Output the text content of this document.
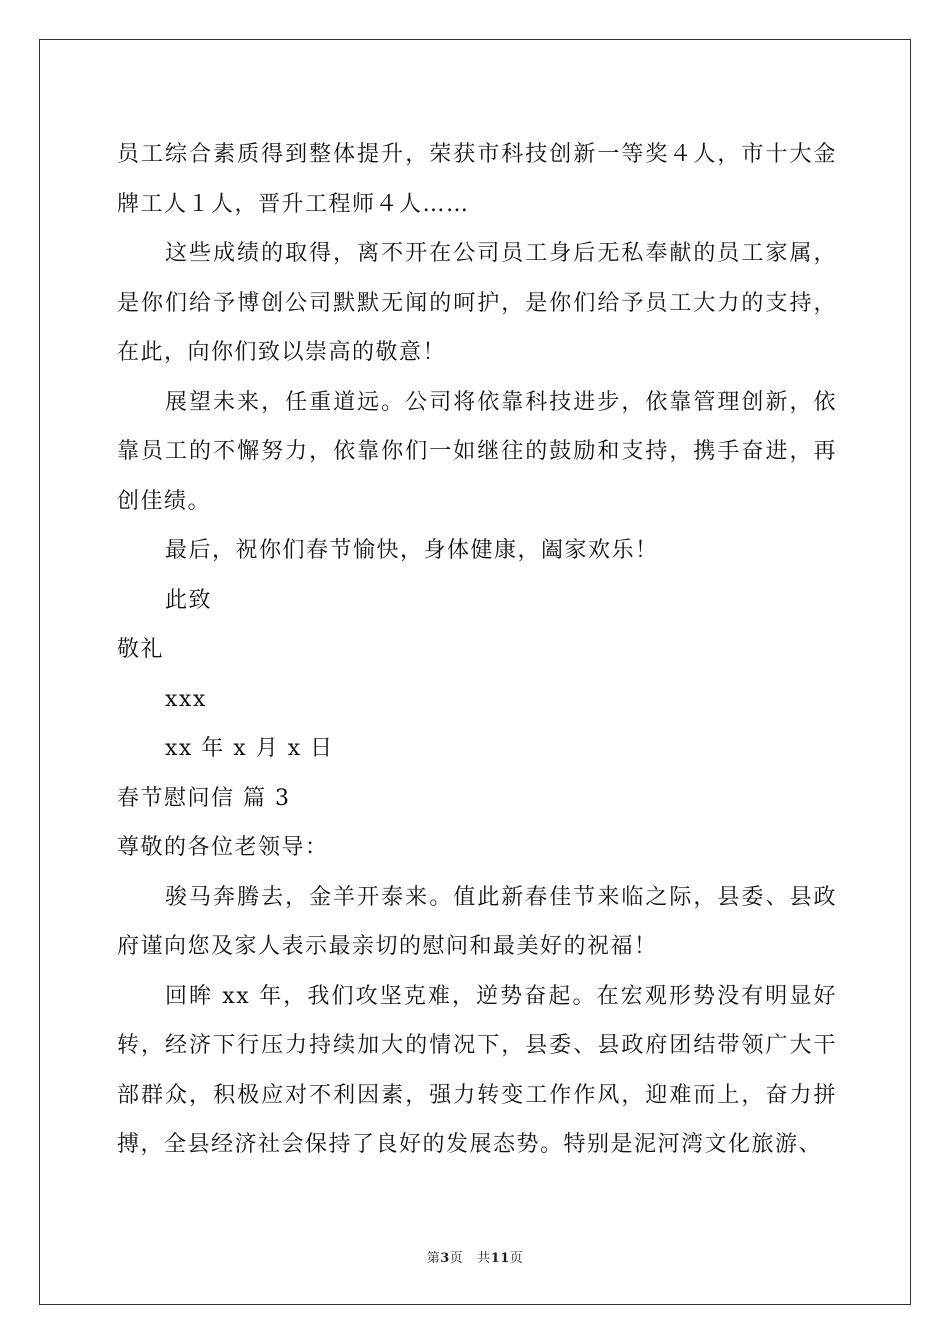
员工综合素质得到整体提升，荣获市科技创新一等奖４人，市十大金牌工人１人，晋升工程师４人……

这些成绩的取得，离不开在公司员工身后无私奉献的员工家属，是你们给予博创公司默默无闻的呵护，是你们给予员工大力的支持，在此，向你们致以崇高的敬意！

展望未来，任重道远。公司将依靠科技进步，依靠管理创新，依靠员工的不懈努力，依靠你们一如继往的鼓励和支持，携手奋进，再创佳绩。

最后，祝你们春节愉快，身体健康，阖家欢乐！

此致

敬礼

xxx

xx 年 x 月 x 日

春节慰问信 篇 3

尊敬的各位老领导：

骏马奔腾去，金羊开泰来。值此新春佳节来临之际，县委、县政府谨向您及家人表示最亲切的慰问和最美好的祝福！

回眸 xx 年，我们攻坚克难，逆势奋起。在宏观形势没有明显好转，经济下行压力持续加大的情况下，县委、县政府团结带领广大干部群众，积极应对不利因素，强力转变工作作风，迎难而上，奋力拼搏，全县经济社会保持了良好的发展态势。特别是泥河湾文化旅游、

第3页 共11页
